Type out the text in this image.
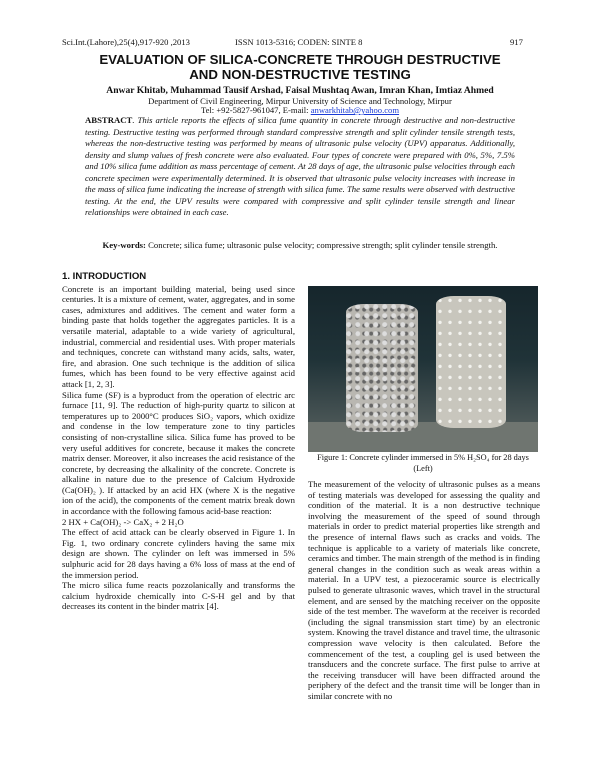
Sci.Int.(Lahore),25(4),917-920 ,2013	ISSN 1013-5316; CODEN: SINTE 8	917
EVALUATION OF SILICA-CONCRETE THROUGH DESTRUCTIVE
AND NON-DESTRUCTIVE TESTING
Anwar Khitab, Muhammad Tausif Arshad, Faisal Mushtaq Awan, Imran Khan, Imtiaz Ahmed
Department of Civil Engineering, Mirpur University of Science and Technology, Mirpur
Tel: +92-5827-961047, E-mail: anwarkhitab@yahoo.com
ABSTRACT. This article reports the effects of silica fume quantity in concrete through destructive and non-destructive testing. Destructive testing was performed through standard compressive strength and split cylinder tensile strength tests, whereas the non-destructive testing was performed by means of ultrasonic pulse velocity (UPV) apparatus. Additionally, density and slump values of fresh concrete were also evaluated. Four types of concrete were prepared with 0%, 5%, 7.5% and 10% silica fume addition as mass percentage of cement. At 28 days of age, the ultrasonic pulse velocities through each concrete specimen were experimentally determined. It is observed that ultrasonic pulse velocity increases with increase in the mass of silica fume indicating the increase of strength with silica fume. The same results were observed with destructive testing. At the end, the UPV results were compared with compressive and split cylinder tensile strength and linear relationships were obtained in each case.
Key-words: Concrete; silica fume; ultrasonic pulse velocity; compressive strength; split cylinder tensile strength.

1. INTRODUCTION

Concrete is an important building material, being used since centuries. It is a mixture of cement, water, aggregates, and in some cases, admixtures and additives. The cement and water form a binding paste that holds together the aggregates particles. It is a versatile material, adaptable to a wide variety of agricultural, industrial, commercial and residential uses. With proper materials and techniques, concrete can withstand many acids, salts, water, fire, and abrasion. One such technique is the addition of silica fumes, which has been found to be very effective against acid attack [1, 2, 3].

Silica fume (SF) is a byproduct from the operation of electric arc furnace [11, 9]. The reduction of high-purity quartz to silicon at temperatures up to 2000°C produces SiO₂ vapors, which oxidize and condense in the low temperature zone to tiny particles consisting of non-crystalline silica. Silica fume has proved to be very useful additives for concrete, because it makes the concrete matrix denser. Moreover, it also increases the acid resistance of the concrete, by decreasing the alkalinity of the concrete. Concrete is alkaline in nature due to the presence of Calcium Hydroxide (Ca(OH)₂ ). If attacked by an acid HX (where X is the negative ion of the acid), the components of the cement matrix break down in accordance with the following famous acid-base reaction:

2 HX + Ca(OH)₂ -> CaX₂ + 2 H₂O

The effect of acid attack can be clearly observed in Figure 1. In Fig. 1, two ordinary concrete cylinders having the same mix design are shown. The cylinder on left was immersed in 5% sulphuric acid for 28 days having a 6% loss of mass at the end of the immersion period.

The micro silica fume reacts pozzolanically and transforms the calcium hydroxide chemically into C-S-H gel and by that decreases its content in the binder matrix [4].

Figure 1: Concrete cylinder immersed in 5% H₂SO₄ for 28 days
(Left)

The measurement of the velocity of ultrasonic pulses as a means of testing materials was developed for assessing the quality and condition of the material. It is a non destructive technique involving the measurement of the speed of sound through materials in order to predict material properties like strength and the presence of internal flaws such as cracks and voids. The technique is applicable to a variety of materials like concrete, ceramics and timber. The main strength of the method is in finding general changes in the condition such as weak areas within a material. In a UPV test, a piezoceramic source is electrically pulsed to generate ultrasonic waves, which travel in the structural element, and are sensed by the matching receiver on the opposite side of the test member. The waveform at the receiver is recorded (including the signal transmission start time) by an electronic system. Knowing the travel distance and travel time, the ultrasonic compression wave velocity is then calculated. Before the commencement of the test, a coupling gel is used between the transducers and the concrete surface. The first pulse to arrive at the receiving transducer will have been diffracted around the periphery of the defect and the transit time will be longer than in similar concrete with no
